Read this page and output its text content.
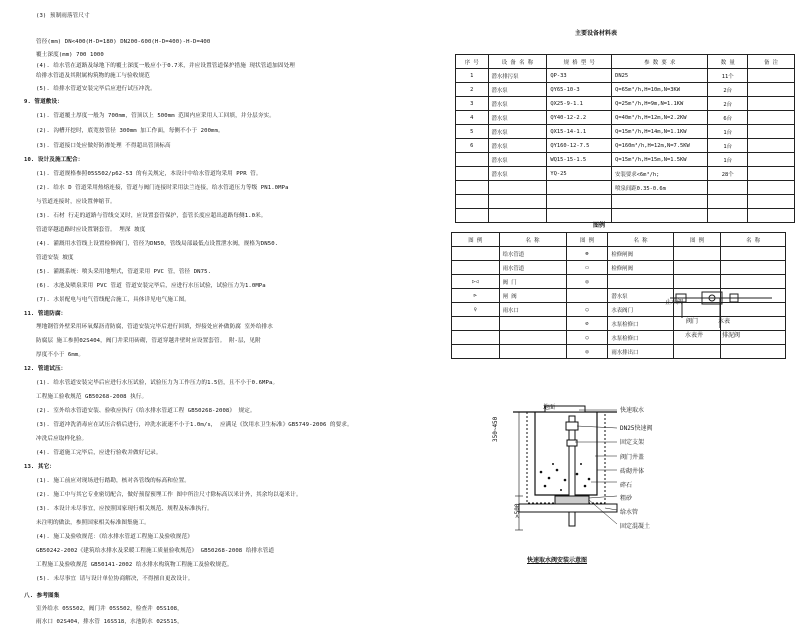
(3) 预制雨落管尺寸
管径(mm) DN<400(H-D=180) DN200-600(H-D=400)-H-D=400
覆土深度(mm) 700 1000
(4). 给水管在道路及绿地下的覆土深度一般应小于0.7米，并应设置管道保护措施 现状管道加固处理
给排水管道及其附属构筑物的施工与验收规范
(5). 给排水管道安装完毕后应进行试压冲洗。
9. 管道敷设：
(1). 管道覆土厚度一般为 700mm，管顶以上 500mm 范围内应采用人工回填，并分层夯实。
(2). 沟槽开挖时，底宽按管径 300mm 加工作面，每侧不小于 200mm。
(3). 管道接口处应做好防渗处理 不得超出管顶标高
10. 设计及施工配合：
(1). 管道规格参照05S502/p62-53 的有关规定，本设计中给水管道均采用 PPR 管。
(2). 给水 D 管道采用热熔连接，管道与阀门连接时采用法兰连接，给水管道压力等级 PN1.0MPa
与管道连接时，应设置伸缩节。
(3). 石材 行走的道路与管线交叉时，应设置套管保护，套管长度应超出道路每侧1.0米。
管道穿越道路时应设置钢套管。 埋深 坡度
(4). 灌溉用水管线上设置检修阀门，管径为DN50，管线局部最低点设置泄水阀，规格为DN50.
管道安装 坡度
(5). 灌溉系统：喷头采用地埋式，管道采用 PVC 管，管径 DN75.
(6). 水池及喷泉采用 PVC 管道 管道安装完毕后，应进行水压试验，试验压力为1.0MPa
(7). 水景配电与电气管线配合施工，具体详见电气施工图。
11. 管道防腐：
埋地钢管外壁采用环氧煤沥青防腐，管道安装完毕后进行回填，焊接处应补做防腐 室外给排水
防腐层 施工参照02S404，阀门井采用砖砌，管道穿越井壁时应设置套管。 附-层，见附
厚度不小于 6mm。
12. 管道试压：
(1). 给水管道安装完毕后应进行水压试验，试验压力为工作压力的1.5倍，且不小于0.6MPa。
工程施工验收规范 GB50268-2008 执行。
(2). 室外给水管道安装、验收应执行《给水排水管道工程 GB50268-2008》 规定。
(3). 管道冲洗消毒应在试压合格后进行，冲洗水流速不小于1.0m/s， 应满足《饮用水卫生标准》GB5749-2006 的要求。
冲洗后应取样化验。
(4). 管道施工完毕后，应进行验收并做好记录。
13. 其它：
(1). 施工前应对现场进行踏勘，核对各管线的标高和位置。
(2). 施工中与其它专业密切配合，做好预留预埋工作 图中所注尺寸除标高以米计外，其余均以毫米计。
(3). 本设计未尽事宜，应按照国家现行相关规范、规程及标准执行。
未注明的做法，参照国家相关标准图集施工。
(4). 施工及验收规范：《给水排水管道工程施工及验收规范》
GB50242-2002《建筑给水排水及采暖工程施工质量验收规范》 GB50268-2008 给排水管道
工程施工及验收规范 GB50141-2002 给水排水构筑物工程施工及验收规范。
(5). 未尽事宜 请与设计单位协商解决，不得擅自更改设计。
八. 参考图集
室外给水 05S502，阀门井 05S502，检查井 05S108，
雨水口 02S404，排水管 16S518，水池防水 02S515，
主要设备材料表
序 号	设 备 名 称	规 格 型 号	参 数 要 求	数 量	备 注
1	潜水排污泵	QP-33	DN25	11个	
2	潜水泵	QY65-10-3	Q=65m³/h,H=10m,N=3KW	2台	
3	潜水泵	QX25-9-1.1	Q=25m³/h,H=9m,N=1.1KW	2台	
4	潜水泵	QY40-12-2.2	Q=40m³/h,H=12m,N=2.2KW	6台	
5	潜水泵	QX15-14-1.1	Q=15m³/h,H=14m,N=1.1KW	1台	
6	潜水泵	QY160-12-7.5	Q=160m³/h,H=12m,N=7.5KW	1台	
	潜水泵	WQ15-15-1.5	Q=15m³/h,H=15m,N=1.5KW	1台	
	潜水泵	YQ-25	安装要求<6m³/h;	28个	
			喷泉间距0.35-0.6m		

图例
图 例	名 称	图 例	名 称	图 例	名 称
	给水管道	⊗	检修闸阀		
	雨水管道	▭	检修闸阀		
▷◁	阀 门	◎			
⊳	闸 阀		潜水泵		
♀	雨水口	○	水表阀门		
		⊘	水泵检修口		
		○	水泵检修口		
		◎	雨水排出口		
止水阀
阀门	水表
水表井	排泥阀
地面
350~450
>500
快速取水
DN25快速阀
固定支架
阀门井盖
砖砌井体
碎石
粗砂
给水管
固定混凝土
快速取水阀安装示意图
